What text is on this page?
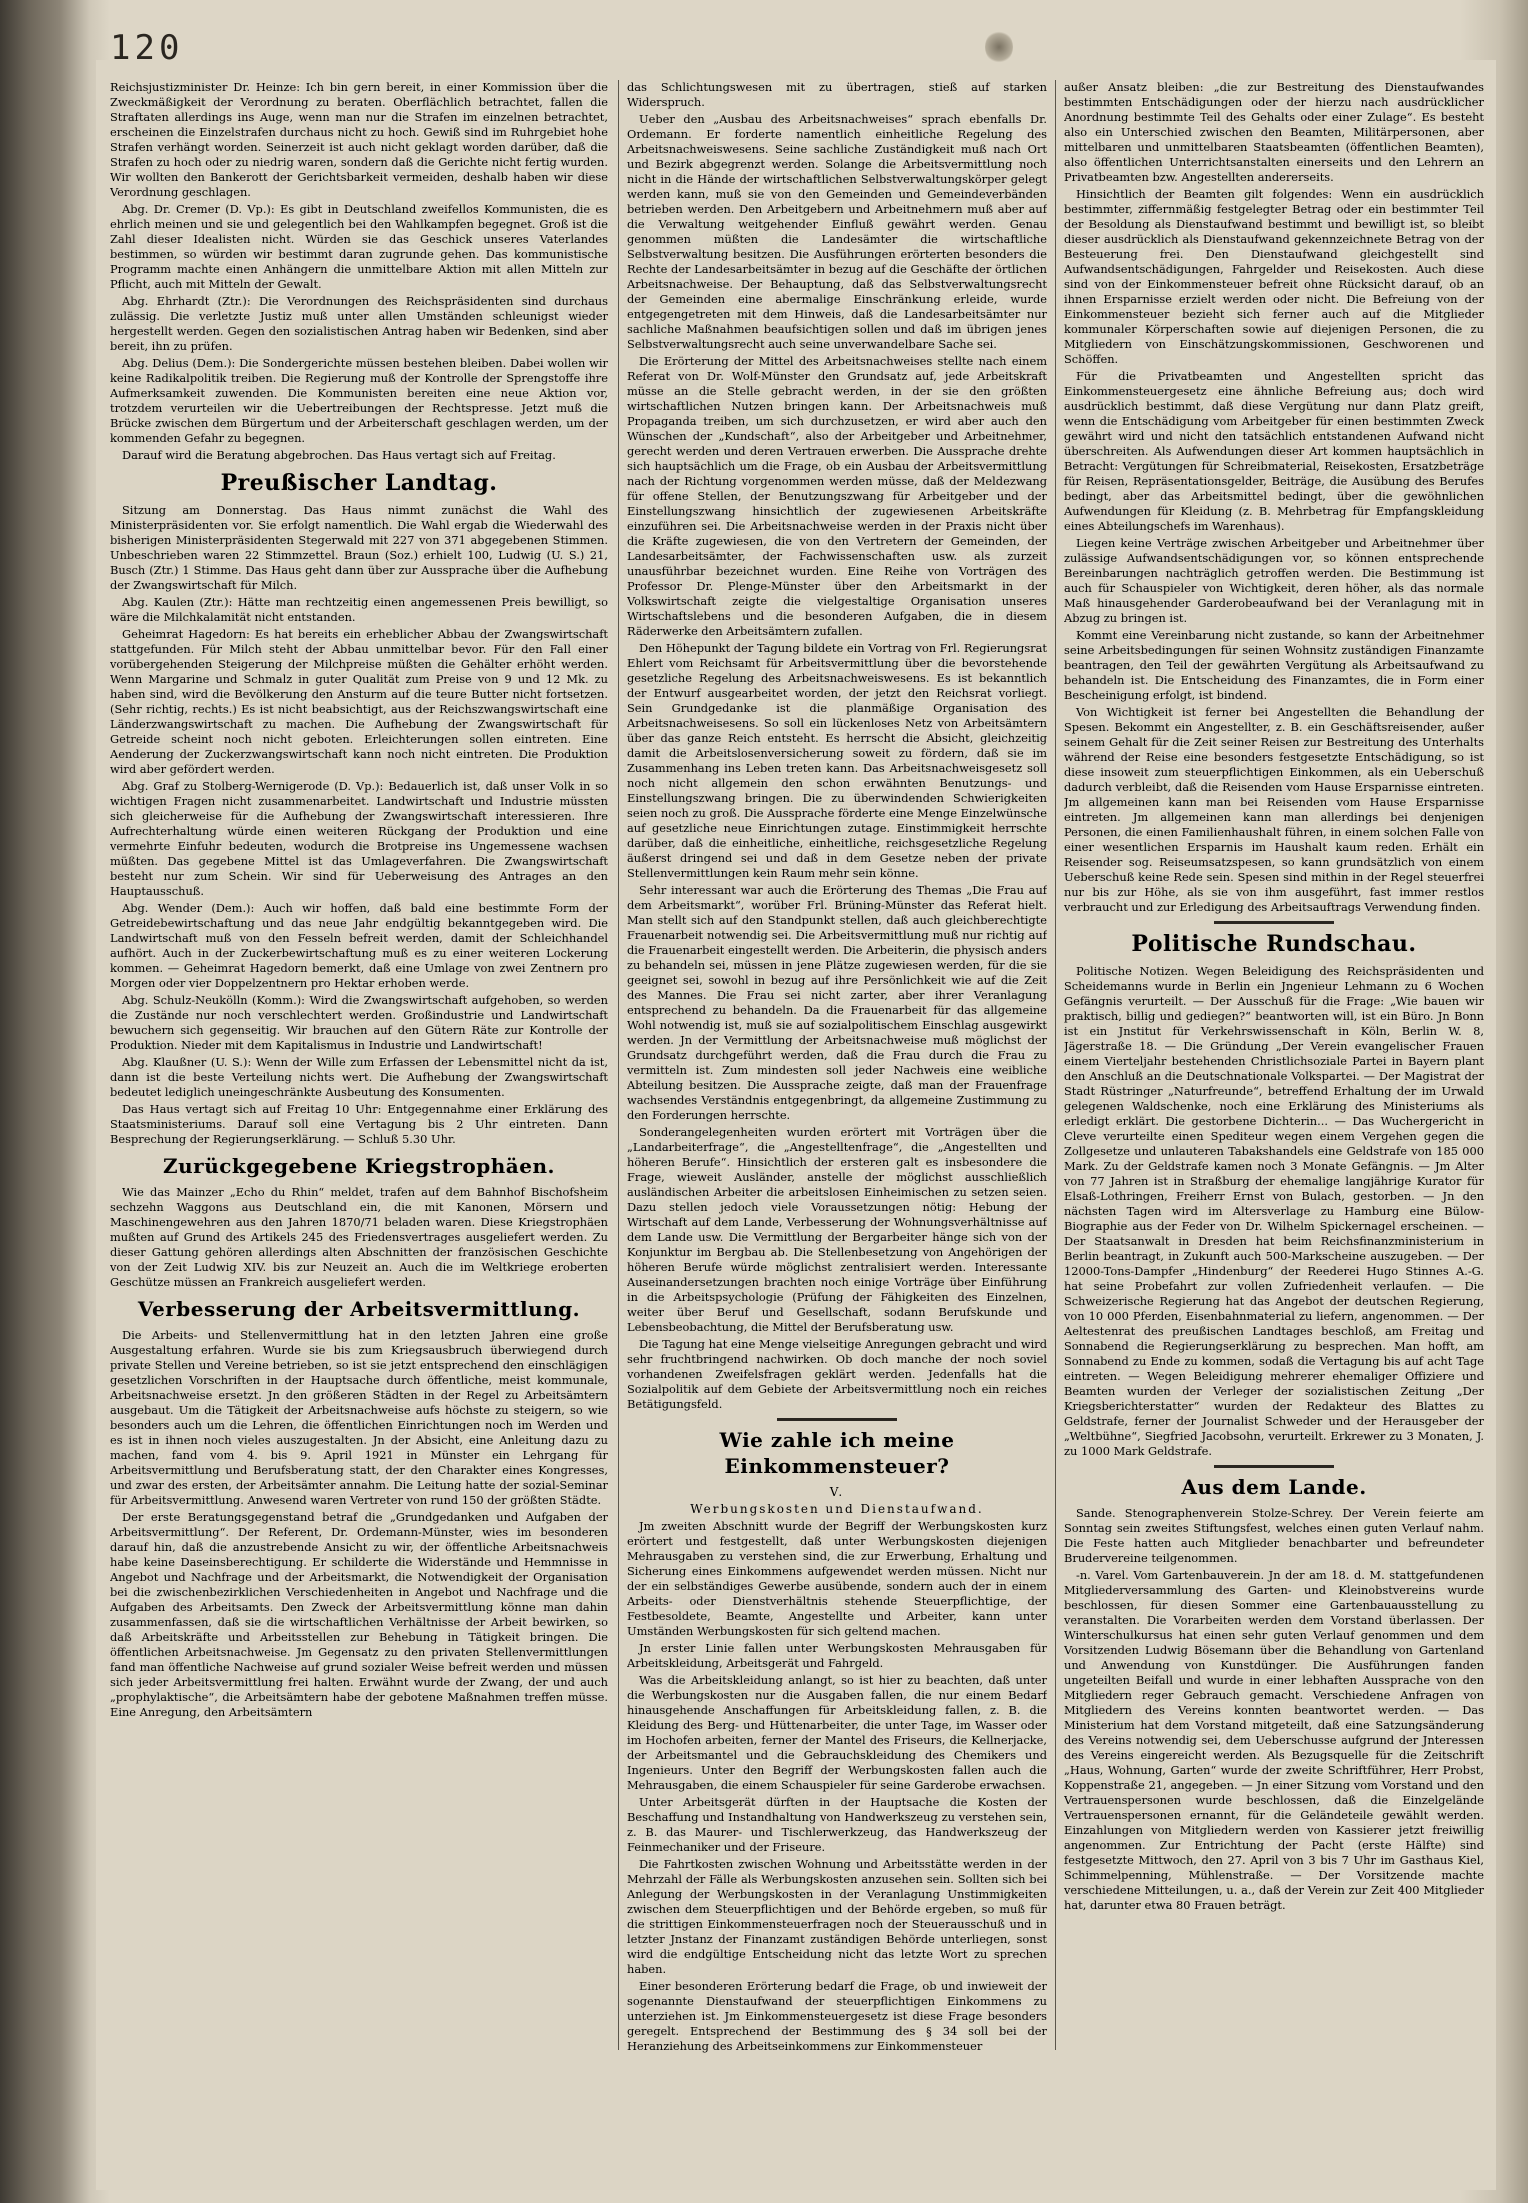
120

Reichsjustizminister Dr. Heinze: Ich bin gern bereit, in einer Kommission über die Zweckmäßigkeit der Verordnung zu beraten. Oberflächlich betrachtet, fallen die Straftaten allerdings ins Auge, wenn man nur die Strafen im einzelnen betrachtet, erscheinen die Einzelstrafen durchaus nicht zu hoch. Gewiß sind im Ruhrgebiet hohe Strafen verhängt worden. Seinerzeit ist auch nicht geklagt worden darüber, daß die Strafen zu hoch oder zu niedrig waren, sondern daß die Gerichte nicht fertig wurden. Wir wollten den Bankerott der Gerichtsbarkeit vermeiden, deshalb haben wir diese Verordnung geschlagen.

Abg. Dr. Cremer (D. Vp.): Es gibt in Deutschland zweifellos Kommunisten, die es ehrlich meinen und sie und gelegentlich bei den Wahlkampfen begegnet. Groß ist die Zahl dieser Idealisten nicht. Würden sie das Geschick unseres Vaterlandes bestimmen, so würden wir bestimmt daran zugrunde gehen. Das kommunistische Programm machte einen Anhängern die unmittelbare Aktion mit allen Mitteln zur Pflicht, auch mit Mitteln der Gewalt.

Abg. Ehrhardt (Ztr.): Die Verordnungen des Reichspräsidenten sind durchaus zulässig. Die verletzte Justiz muß unter allen Umständen schleunigst wieder hergestellt werden. Gegen den sozialistischen Antrag haben wir Bedenken, sind aber bereit, ihn zu prüfen.

Abg. Delius (Dem.): Die Sondergerichte müssen bestehen bleiben. Dabei wollen wir keine Radikalpolitik treiben. Die Regierung muß der Kontrolle der Sprengstoffe ihre Aufmerksamkeit zuwenden. Die Kommunisten bereiten eine neue Aktion vor, trotzdem verurteilen wir die Uebertreibungen der Rechtspresse. Jetzt muß die Brücke zwischen dem Bürgertum und der Arbeiterschaft geschlagen werden, um der kommenden Gefahr zu begegnen.

Darauf wird die Beratung abgebrochen. Das Haus vertagt sich auf Freitag.

Preußischer Landtag.

Sitzung am Donnerstag. Das Haus nimmt zunächst die Wahl des Ministerpräsidenten vor. Sie erfolgt namentlich. Die Wahl ergab die Wiederwahl des bisherigen Ministerpräsidenten Stegerwald mit 227 von 371 abgegebenen Stimmen. Unbeschrieben waren 22 Stimmzettel. Braun (Soz.) erhielt 100, Ludwig (U. S.) 21, Busch (Ztr.) 1 Stimme. Das Haus geht dann über zur Aussprache über die Aufhebung der Zwangswirtschaft für Milch.

Abg. Kaulen (Ztr.): Hätte man rechtzeitig einen angemessenen Preis bewilligt, so wäre die Milchkalamität nicht entstanden.

Geheimrat Hagedorn: Es hat bereits ein erheblicher Abbau der Zwangswirtschaft stattgefunden. Für Milch steht der Abbau unmittelbar bevor. Für den Fall einer vorübergehenden Steigerung der Milchpreise müßten die Gehälter erhöht werden. Wenn Margarine und Schmalz in guter Qualität zum Preise von 9 und 12 Mk. zu haben sind, wird die Bevölkerung den Ansturm auf die teure Butter nicht fortsetzen. (Sehr richtig, rechts.) Es ist nicht beabsichtigt, aus der Reichszwangswirtschaft eine Länderzwangswirtschaft zu machen. Die Aufhebung der Zwangswirtschaft für Getreide scheint noch nicht geboten. Erleichterungen sollen eintreten. Eine Aenderung der Zuckerzwangswirtschaft kann noch nicht eintreten. Die Produktion wird aber gefördert werden.

Abg. Graf zu Stolberg-Wernigerode (D. Vp.): Bedauerlich ist, daß unser Volk in so wichtigen Fragen nicht zusammenarbeitet. Landwirtschaft und Industrie müssten sich gleicherweise für die Aufhebung der Zwangswirtschaft interessieren. Ihre Aufrechterhaltung würde einen weiteren Rückgang der Produktion und eine vermehrte Einfuhr bedeuten, wodurch die Brotpreise ins Ungemessene wachsen müßten. Das gegebene Mittel ist das Umlageverfahren. Die Zwangswirtschaft besteht nur zum Schein. Wir sind für Ueberweisung des Antrages an den Hauptausschuß.

Abg. Wender (Dem.): Auch wir hoffen, daß bald eine bestimmte Form der Getreidebewirtschaftung und das neue Jahr endgültig bekanntgegeben wird. Die Landwirtschaft muß von den Fesseln befreit werden, damit der Schleichhandel aufhört. Auch in der Zuckerbewirtschaftung muß es zu einer weiteren Lockerung kommen. — Geheimrat Hagedorn bemerkt, daß eine Umlage von zwei Zentnern pro Morgen oder vier Doppelzentnern pro Hektar erhoben werde.

Abg. Schulz-Neukölln (Komm.): Wird die Zwangswirtschaft aufgehoben, so werden die Zustände nur noch verschlechtert werden. Großindustrie und Landwirtschaft bewuchern sich gegenseitig. Wir brauchen auf den Gütern Räte zur Kontrolle der Produktion. Nieder mit dem Kapitalismus in Industrie und Landwirtschaft!

Abg. Klaußner (U. S.): Wenn der Wille zum Erfassen der Lebensmittel nicht da ist, dann ist die beste Verteilung nichts wert. Die Aufhebung der Zwangswirtschaft bedeutet lediglich uneingeschränkte Ausbeutung des Konsumenten.

Das Haus vertagt sich auf Freitag 10 Uhr: Entgegennahme einer Erklärung des Staatsministeriums. Darauf soll eine Vertagung bis 2 Uhr eintreten. Dann Besprechung der Regierungserklärung. — Schluß 5.30 Uhr.

Zurückgegebene Kriegstrophäen.

Wie das Mainzer „Echo du Rhin“ meldet, trafen auf dem Bahnhof Bischofsheim sechzehn Waggons aus Deutschland ein, die mit Kanonen, Mörsern und Maschinengewehren aus den Jahren 1870/71 beladen waren. Diese Kriegstrophäen mußten auf Grund des Artikels 245 des Friedensvertrages ausgeliefert werden. Zu dieser Gattung gehören allerdings alten Abschnitten der französischen Geschichte von der Zeit Ludwig XIV. bis zur Neuzeit an. Auch die im Weltkriege eroberten Geschütze müssen an Frankreich ausgeliefert werden.

Verbesserung der Arbeitsvermittlung.

Die Arbeits- und Stellenvermittlung hat in den letzten Jahren eine große Ausgestaltung erfahren. Wurde sie bis zum Kriegsausbruch überwiegend durch private Stellen und Vereine betrieben, so ist sie jetzt entsprechend den einschlägigen gesetzlichen Vorschriften in der Hauptsache durch öffentliche, meist kommunale, Arbeitsnachweise ersetzt. Jn den größeren Städten in der Regel zu Arbeitsämtern ausgebaut. Um die Tätigkeit der Arbeitsnachweise aufs höchste zu steigern, so wie besonders auch um die Lehren, die öffentlichen Einrichtungen noch im Werden und es ist in ihnen noch vieles auszugestalten. Jn der Absicht, eine Anleitung dazu zu machen, fand vom 4. bis 9. April 1921 in Münster ein Lehrgang für Arbeitsvermittlung und Berufsberatung statt, der den Charakter eines Kongresses, und zwar des ersten, der Arbeitsämter annahm. Die Leitung hatte der sozial-Seminar für Arbeitsvermittlung. Anwesend waren Vertreter von rund 150 der größten Städte.

Der erste Beratungsgegenstand betraf die „Grundgedanken und Aufgaben der Arbeitsvermittlung“. Der Referent, Dr. Ordemann-Münster, wies im besonderen darauf hin, daß die anzustrebende Ansicht zu wir, der öffentliche Arbeitsnachweis habe keine Daseinsberechtigung. Er schilderte die Widerstände und Hemmnisse in Angebot und Nachfrage und der Arbeitsmarkt, die Notwendigkeit der Organisation bei die zwischenbezirklichen Verschiedenheiten in Angebot und Nachfrage und die Aufgaben des Arbeitsamts. Den Zweck der Arbeitsvermittlung könne man dahin zusammenfassen, daß sie die wirtschaftlichen Verhältnisse der Arbeit bewirken, so daß Arbeitskräfte und Arbeitsstellen zur Behebung in Tätigkeit bringen. Die öffentlichen Arbeitsnachweise. Jm Gegensatz zu den privaten Stellenvermittlungen fand man öffentliche Nachweise auf grund sozialer Weise befreit werden und müssen sich jeder Arbeitsvermittlung frei halten. Erwähnt wurde der Zwang, der und auch „prophylaktische“, die Arbeitsämtern habe der gebotene Maßnahmen treffen müsse. Eine Anregung, den Arbeitsämtern

das Schlichtungswesen mit zu übertragen, stieß auf starken Widerspruch.

Ueber den „Ausbau des Arbeitsnachweises“ sprach ebenfalls Dr. Ordemann. Er forderte namentlich einheitliche Regelung des Arbeitsnachweiswesens. Seine sachliche Zuständigkeit muß nach Ort und Bezirk abgegrenzt werden. Solange die Arbeitsvermittlung noch nicht in die Hände der wirtschaftlichen Selbstverwaltungskörper gelegt werden kann, muß sie von den Gemeinden und Gemeindeverbänden betrieben werden. Den Arbeitgebern und Arbeitnehmern muß aber auf die Verwaltung weitgehender Einfluß gewährt werden. Genau genommen müßten die Landesämter die wirtschaftliche Selbstverwaltung besitzen. Die Ausführungen erörterten besonders die Rechte der Landesarbeitsämter in bezug auf die Geschäfte der örtlichen Arbeitsnachweise. Der Behauptung, daß das Selbstverwaltungsrecht der Gemeinden eine abermalige Einschränkung erleide, wurde entgegengetreten mit dem Hinweis, daß die Landesarbeitsämter nur sachliche Maßnahmen beaufsichtigen sollen und daß im übrigen jenes Selbstverwaltungsrecht auch seine unverwandelbare Sache sei.

Die Erörterung der Mittel des Arbeitsnachweises stellte nach einem Referat von Dr. Wolf-Münster den Grundsatz auf, jede Arbeitskraft müsse an die Stelle gebracht werden, in der sie den größten wirtschaftlichen Nutzen bringen kann. Der Arbeitsnachweis muß Propaganda treiben, um sich durchzusetzen, er wird aber auch den Wünschen der „Kundschaft“, also der Arbeitgeber und Arbeitnehmer, gerecht werden und deren Vertrauen erwerben. Die Aussprache drehte sich hauptsächlich um die Frage, ob ein Ausbau der Arbeitsvermittlung nach der Richtung vorgenommen werden müsse, daß der Meldezwang für offene Stellen, der Benutzungszwang für Arbeitgeber und der Einstellungszwang hinsichtlich der zugewiesenen Arbeitskräfte einzuführen sei. Die Arbeitsnachweise werden in der Praxis nicht über die Kräfte zugewiesen, die von den Vertretern der Gemeinden, der Landesarbeitsämter, der Fachwissenschaften usw. als zurzeit unausführbar bezeichnet wurden. Eine Reihe von Vorträgen des Professor Dr. Plenge-Münster über den Arbeitsmarkt in der Volkswirtschaft zeigte die vielgestaltige Organisation unseres Wirtschaftslebens und die besonderen Aufgaben, die in diesem Räderwerke den Arbeitsämtern zufallen.

Den Höhepunkt der Tagung bildete ein Vortrag von Frl. Regierungsrat Ehlert vom Reichsamt für Arbeitsvermittlung über die bevorstehende gesetzliche Regelung des Arbeitsnachweiswesens. Es ist bekanntlich der Entwurf ausgearbeitet worden, der jetzt den Reichsrat vorliegt. Sein Grundgedanke ist die planmäßige Organisation des Arbeitsnachweisesens. So soll ein lückenloses Netz von Arbeitsämtern über das ganze Reich entsteht. Es herrscht die Absicht, gleichzeitig damit die Arbeitslosenversicherung soweit zu fördern, daß sie im Zusammenhang ins Leben treten kann. Das Arbeitsnachweisgesetz soll noch nicht allgemein den schon erwähnten Benutzungs- und Einstellungszwang bringen. Die zu überwindenden Schwierigkeiten seien noch zu groß. Die Aussprache förderte eine Menge Einzelwünsche auf gesetzliche neue Einrichtungen zutage. Einstimmigkeit herrschte darüber, daß die einheitliche, einheitliche, reichsgesetzliche Regelung äußerst dringend sei und daß in dem Gesetze neben der private Stellenvermittlungen kein Raum mehr sein könne.

Sehr interessant war auch die Erörterung des Themas „Die Frau auf dem Arbeitsmarkt“, worüber Frl. Brüning-Münster das Referat hielt. Man stellt sich auf den Standpunkt stellen, daß auch gleichberechtigte Frauenarbeit notwendig sei. Die Arbeitsvermittlung muß nur richtig auf die Frauenarbeit eingestellt werden. Die Arbeiterin, die physisch anders zu behandeln sei, müssen in jene Plätze zugewiesen werden, für die sie geeignet sei, sowohl in bezug auf ihre Persönlichkeit wie auf die Zeit des Mannes. Die Frau sei nicht zarter, aber ihrer Veranlagung entsprechend zu behandeln. Da die Frauenarbeit für das allgemeine Wohl notwendig ist, muß sie auf sozialpolitischem Einschlag ausgewirkt werden. Jn der Vermittlung der Arbeitsnachweise muß möglichst der Grundsatz durchgeführt werden, daß die Frau durch die Frau zu vermitteln ist. Zum mindesten soll jeder Nachweis eine weibliche Abteilung besitzen. Die Aussprache zeigte, daß man der Frauenfrage wachsendes Verständnis entgegenbringt, da allgemeine Zustimmung zu den Forderungen herrschte.

Sonderangelegenheiten wurden erörtert mit Vorträgen über die „Landarbeiterfrage“, die „Angestelltenfrage“, die „Angestellten und höheren Berufe“. Hinsichtlich der ersteren galt es insbesondere die Frage, wieweit Ausländer, anstelle der möglichst ausschließlich ausländischen Arbeiter die arbeitslosen Einheimischen zu setzen seien. Dazu stellen jedoch viele Voraussetzungen nötig: Hebung der Wirtschaft auf dem Lande, Verbesserung der Wohnungsverhältnisse auf dem Lande usw. Die Vermittlung der Bergarbeiter hänge sich von der Konjunktur im Bergbau ab. Die Stellenbesetzung von Angehörigen der höheren Berufe würde möglichst zentralisiert werden. Interessante Auseinandersetzungen brachten noch einige Vorträge über Einführung in die Arbeitspsychologie (Prüfung der Fähigkeiten des Einzelnen, weiter über Beruf und Gesellschaft, sodann Berufskunde und Lebensbeobachtung, die Mittel der Berufsberatung usw.

Die Tagung hat eine Menge vielseitige Anregungen gebracht und wird sehr fruchtbringend nachwirken. Ob doch manche der noch soviel vorhandenen Zweifelsfragen geklärt werden. Jedenfalls hat die Sozialpolitik auf dem Gebiete der Arbeitsvermittlung noch ein reiches Betätigungsfeld.

Wie zahle ich meine Einkommensteuer?
V.
Werbungskosten und Dienstaufwand.

Jm zweiten Abschnitt wurde der Begriff der Werbungskosten kurz erörtert und festgestellt, daß unter Werbungskosten diejenigen Mehrausgaben zu verstehen sind, die zur Erwerbung, Erhaltung und Sicherung eines Einkommens aufgewendet werden müssen. Nicht nur der ein selbständiges Gewerbe ausübende, sondern auch der in einem Arbeits- oder Dienstverhältnis stehende Steuerpflichtige, der Festbesoldete, Beamte, Angestellte und Arbeiter, kann unter Umständen Werbungskosten für sich geltend machen.

Jn erster Linie fallen unter Werbungskosten Mehrausgaben für Arbeitskleidung, Arbeitsgerät und Fahrgeld.

Was die Arbeitskleidung anlangt, so ist hier zu beachten, daß unter die Werbungskosten nur die Ausgaben fallen, die nur einem Bedarf hinausgehende Anschaffungen für Arbeitskleidung fallen, z. B. die Kleidung des Berg- und Hüttenarbeiter, die unter Tage, im Wasser oder im Hochofen arbeiten, ferner der Mantel des Friseurs, die Kellnerjacke, der Arbeitsmantel und die Gebrauchskleidung des Chemikers und Ingenieurs. Unter den Begriff der Werbungskosten fallen auch die Mehrausgaben, die einem Schauspieler für seine Garderobe erwachsen.

Unter Arbeitsgerät dürften in der Hauptsache die Kosten der Beschaffung und Instandhaltung von Handwerkszeug zu verstehen sein, z. B. das Maurer- und Tischlerwerkzeug, das Handwerkszeug der Feinmechaniker und der Friseure.

Die Fahrtkosten zwischen Wohnung und Arbeitsstätte werden in der Mehrzahl der Fälle als Werbungskosten anzusehen sein. Sollten sich bei Anlegung der Werbungskosten in der Veranlagung Unstimmigkeiten zwischen dem Steuerpflichtigen und der Behörde ergeben, so muß für die strittigen Einkommensteuerfragen noch der Steuerausschuß und in letzter Jnstanz der Finanzamt zuständigen Behörde unterliegen, sonst wird die endgültige Entscheidung nicht das letzte Wort zu sprechen haben.

Einer besonderen Erörterung bedarf die Frage, ob und inwieweit der sogenannte Dienstaufwand der steuerpflichtigen Einkommens zu unterziehen ist. Jm Einkommensteuergesetz ist diese Frage besonders geregelt. Entsprechend der Bestimmung des § 34 soll bei der Heranziehung des Arbeitseinkommens zur Einkommensteuer

außer Ansatz bleiben: „die zur Bestreitung des Dienstaufwandes bestimmten Entschädigungen oder der hierzu nach ausdrücklicher Anordnung bestimmte Teil des Gehalts oder einer Zulage“. Es besteht also ein Unterschied zwischen den Beamten, Militärpersonen, aber mittelbaren und unmittelbaren Staatsbeamten (öffentlichen Beamten), also öffentlichen Unterrichtsanstalten einerseits und den Lehrern an Privatbeamten bzw. Angestellten andererseits.

Hinsichtlich der Beamten gilt folgendes: Wenn ein ausdrücklich bestimmter, ziffernmäßig festgelegter Betrag oder ein bestimmter Teil der Besoldung als Dienstaufwand bestimmt und bewilligt ist, so bleibt dieser ausdrücklich als Dienstaufwand gekennzeichnete Betrag von der Besteuerung frei. Den Dienstaufwand gleichgestellt sind Aufwandsentschädigungen, Fahrgelder und Reisekosten. Auch diese sind von der Einkommensteuer befreit ohne Rücksicht darauf, ob an ihnen Ersparnisse erzielt werden oder nicht. Die Befreiung von der Einkommensteuer bezieht sich ferner auch auf die Mitglieder kommunaler Körperschaften sowie auf diejenigen Personen, die zu Mitgliedern von Einschätzungskommissionen, Geschworenen und Schöffen.

Für die Privatbeamten und Angestellten spricht das Einkommensteuergesetz eine ähnliche Befreiung aus; doch wird ausdrücklich bestimmt, daß diese Vergütung nur dann Platz greift, wenn die Entschädigung vom Arbeitgeber für einen bestimmten Zweck gewährt wird und nicht den tatsächlich entstandenen Aufwand nicht überschreiten. Als Aufwendungen dieser Art kommen hauptsächlich in Betracht: Vergütungen für Schreibmaterial, Reisekosten, Ersatzbeträge für Reisen, Repräsentationsgelder, Beiträge, die Ausübung des Berufes bedingt, aber das Arbeitsmittel bedingt, über die gewöhnlichen Aufwendungen für Kleidung (z. B. Mehrbetrag für Empfangskleidung eines Abteilungschefs im Warenhaus).

Liegen keine Verträge zwischen Arbeitgeber und Arbeitnehmer über zulässige Aufwandsentschädigungen vor, so können entsprechende Bereinbarungen nachträglich getroffen werden. Die Bestimmung ist auch für Schauspieler von Wichtigkeit, deren höher, als das normale Maß hinausgehender Garderobeaufwand bei der Veranlagung mit in Abzug zu bringen ist.

Kommt eine Vereinbarung nicht zustande, so kann der Arbeitnehmer seine Arbeitsbedingungen für seinen Wohnsitz zuständigen Finanzamte beantragen, den Teil der gewährten Vergütung als Arbeitsaufwand zu behandeln ist. Die Entscheidung des Finanzamtes, die in Form einer Bescheinigung erfolgt, ist bindend.

Von Wichtigkeit ist ferner bei Angestellten die Behandlung der Spesen. Bekommt ein Angestellter, z. B. ein Geschäftsreisender, außer seinem Gehalt für die Zeit seiner Reisen zur Bestreitung des Unterhalts während der Reise eine besonders festgesetzte Entschädigung, so ist diese insoweit zum steuerpflichtigen Einkommen, als ein Ueberschuß dadurch verbleibt, daß die Reisenden vom Hause Ersparnisse eintreten. Jm allgemeinen kann man bei Reisenden vom Hause Ersparnisse eintreten. Jm allgemeinen kann man allerdings bei denjenigen Personen, die einen Familienhaushalt führen, in einem solchen Falle von einer wesentlichen Ersparnis im Haushalt kaum reden. Erhält ein Reisender sog. Reiseumsatzspesen, so kann grundsätzlich von einem Ueberschuß keine Rede sein. Spesen sind mithin in der Regel steuerfrei nur bis zur Höhe, als sie von ihm ausgeführt, fast immer restlos verbraucht und zur Erledigung des Arbeitsauftrags Verwendung finden.

Politische Rundschau.

Politische Notizen. Wegen Beleidigung des Reichspräsidenten und Scheidemanns wurde in Berlin ein Jngenieur Lehmann zu 6 Wochen Gefängnis verurteilt. — Der Ausschuß für die Frage: „Wie bauen wir praktisch, billig und gediegen?“ beantworten will, ist ein Büro. Jn Bonn ist ein Jnstitut für Verkehrswissenschaft in Köln, Berlin W. 8, Jägerstraße 18. — Die Gründung „Der Verein evangelischer Frauen einem Vierteljahr bestehenden Christlichsoziale Partei in Bayern plant den Anschluß an die Deutschnationale Volkspartei. — Der Magistrat der Stadt Rüstringer „Naturfreunde“, betreffend Erhaltung der im Urwald gelegenen Waldschenke, noch eine Erklärung des Ministeriums als erledigt erklärt. Die gestorbene Dichterin... — Das Wuchergericht in Cleve verurteilte einen Spediteur wegen einem Vergehen gegen die Zollgesetze und unlauteren Tabakshandels eine Geldstrafe von 185 000 Mark. Zu der Geldstrafe kamen noch 3 Monate Gefängnis. — Jm Alter von 77 Jahren ist in Straßburg der ehemalige langjährige Kurator für Elsaß-Lothringen, Freiherr Ernst von Bulach, gestorben. — Jn den nächsten Tagen wird im Altersverlage zu Hamburg eine Bülow-Biographie aus der Feder von Dr. Wilhelm Spickernagel erscheinen. — Der Staatsanwalt in Dresden hat beim Reichsfinanzministerium in Berlin beantragt, in Zukunft auch 500-Markscheine auszugeben. — Der 12000-Tons-Dampfer „Hindenburg“ der Reederei Hugo Stinnes A.-G. hat seine Probefahrt zur vollen Zufriedenheit verlaufen. — Die Schweizerische Regierung hat das Angebot der deutschen Regierung, von 10 000 Pferden, Eisenbahnmaterial zu liefern, angenommen. — Der Aeltestenrat des preußischen Landtages beschloß, am Freitag und Sonnabend die Regierungserklärung zu besprechen. Man hofft, am Sonnabend zu Ende zu kommen, sodaß die Vertagung bis auf acht Tage eintreten. — Wegen Beleidigung mehrerer ehemaliger Offiziere und Beamten wurden der Verleger der sozialistischen Zeitung „Der Kriegsberichterstatter“ wurden der Redakteur des Blattes zu Geldstrafe, ferner der Journalist Schweder und der Herausgeber der „Weltbühne“, Siegfried Jacobsohn, verurteilt. Erkrewer zu 3 Monaten, J. zu 1000 Mark Geldstrafe.

Aus dem Lande.

Sande. Stenographenverein Stolze-Schrey. Der Verein feierte am Sonntag sein zweites Stiftungsfest, welches einen guten Verlauf nahm. Die Feste hatten auch Mitglieder benachbarter und befreundeter Brudervereine teilgenommen.

-n. Varel. Vom Gartenbauverein. Jn der am 18. d. M. stattgefundenen Mitgliederversammlung des Garten- und Kleinobstvereins wurde beschlossen, für diesen Sommer eine Gartenbauausstellung zu veranstalten. Die Vorarbeiten werden dem Vorstand überlassen. Der Winterschulkursus hat einen sehr guten Verlauf genommen und dem Vorsitzenden Ludwig Bösemann über die Behandlung von Gartenland und Anwendung von Kunstdünger. Die Ausführungen fanden ungeteilten Beifall und wurde in einer lebhaften Aussprache von den Mitgliedern reger Gebrauch gemacht. Verschiedene Anfragen von Mitgliedern des Vereins konnten beantwortet werden. — Das Ministerium hat dem Vorstand mitgeteilt, daß eine Satzungsänderung des Vereins notwendig sei, dem Ueberschusse aufgrund der Jnteressen des Vereins eingereicht werden. Als Bezugsquelle für die Zeitschrift „Haus, Wohnung, Garten“ wurde der zweite Schriftführer, Herr Probst, Koppenstraße 21, angegeben. — Jn einer Sitzung vom Vorstand und den Vertrauenspersonen wurde beschlossen, daß die Einzelgelände Vertrauenspersonen ernannt, für die Geländeteile gewählt werden. Einzahlungen von Mitgliedern werden von Kassierer jetzt freiwillig angenommen. Zur Entrichtung der Pacht (erste Hälfte) sind festgesetzte Mittwoch, den 27. April von 3 bis 7 Uhr im Gasthaus Kiel, Schimmelpenning, Mühlenstraße. — Der Vorsitzende machte verschiedene Mitteilungen, u. a., daß der Verein zur Zeit 400 Mitglieder hat, darunter etwa 80 Frauen beträgt.
